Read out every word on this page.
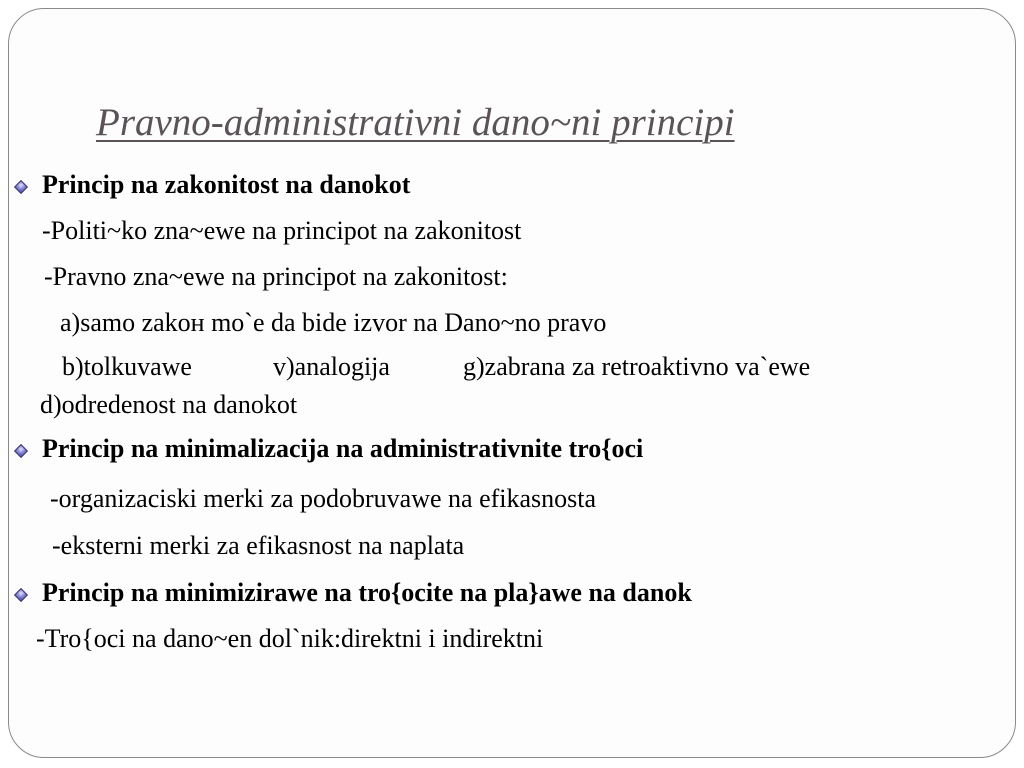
Pravno-administrativni dano~ni principi
Princip na zakonitost na danokot
-Politi~ko zna~ewe na principot na zakonitost
-Pravno zna~ewe na principot na zakonitost:
a)samo zakон mo`e da bide izvor na Dano~no pravo
b)tolkuvawe	v)analogija	g)zabrana za retroaktivno va`ewe
d)odredenost na danokot
Princip na minimalizacija na administrativnite tro{oci
-organizaciski merki za podobruvawe na efikasnosta
-eksterni merki za efikasnost na naplata
Princip na minimizirawe na tro{ocite na pla}awe na danok
-Tro{oci na dano~en dol`nik:direktni i indirektni
